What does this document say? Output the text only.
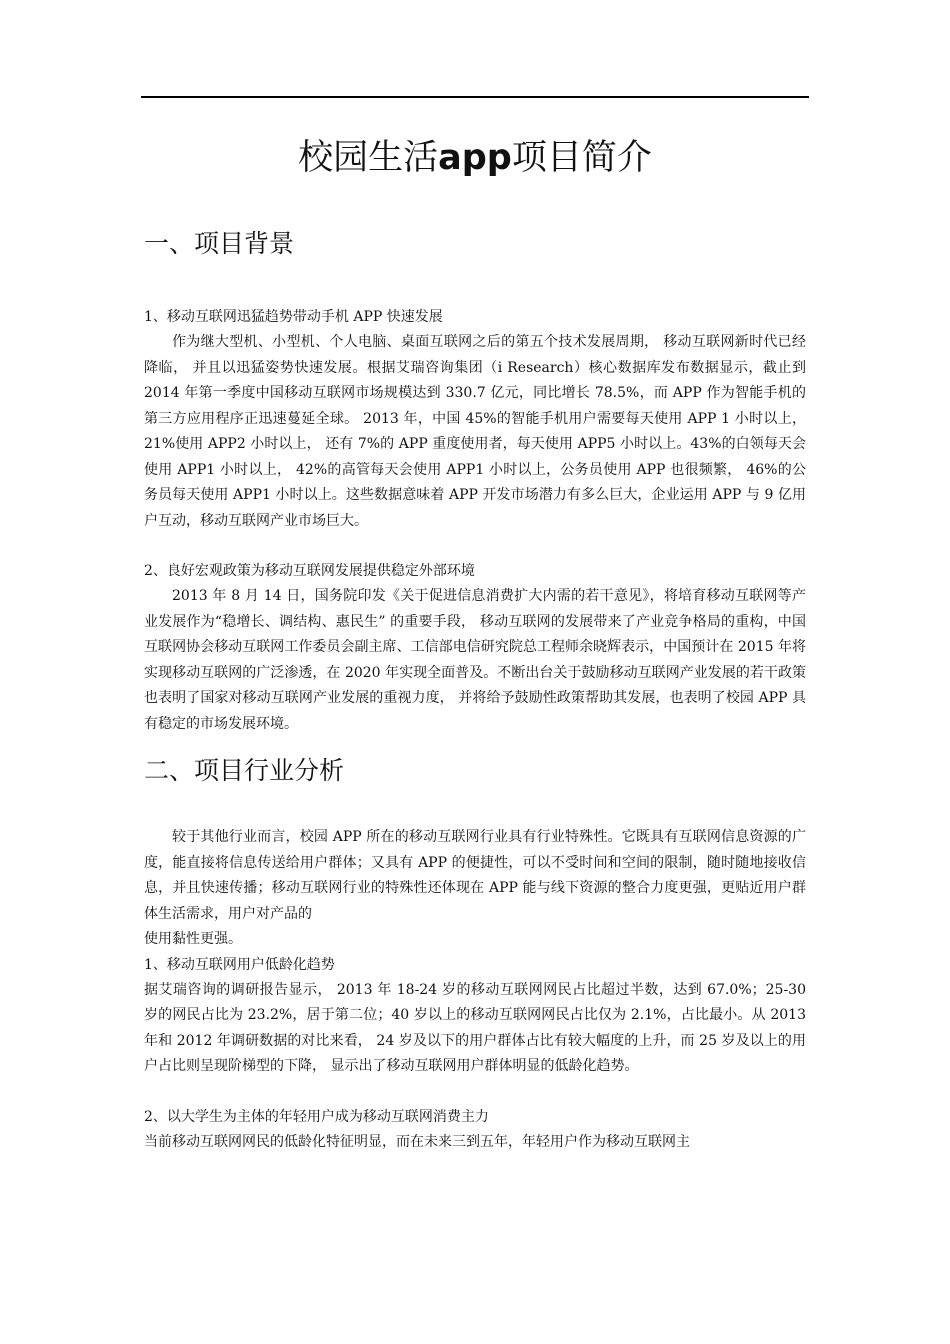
校园生活app项目简介
一、项目背景
1、移动互联网迅猛趋势带动手机 APP 快速发展

作为继大型机、小型机、个人电脑、桌面互联网之后的第五个技术发展周期， 移动互联网新时代已经降临， 并且以迅猛姿势快速发展。根据艾瑞咨询集团（i Research）核心数据库发布数据显示，截止到 2014 年第一季度中国移动互联网市场规模达到 330.7 亿元，同比增长 78.5%，而 APP 作为智能手机的第三方应用程序正迅速蔓延全球。 2013 年，中国 45%的智能手机用户需要每天使用 APP 1 小时以上， 21%使用 APP2 小时以上， 还有 7%的 APP 重度使用者，每天使用 APP5 小时以上。43%的白领每天会使用 APP1 小时以上， 42%的高管每天会使用 APP1 小时以上，公务员使用 APP 也很频繁， 46%的公务员每天使用 APP1 小时以上。这些数据意味着 APP 开发市场潜力有多么巨大，企业运用 APP 与 9 亿用户互动，移动互联网产业市场巨大。

2、良好宏观政策为移动互联网发展提供稳定外部环境

2013 年 8 月 14 日，国务院印发《关于促进信息消费扩大内需的若干意见》，将培育移动互联网等产业发展作为“稳增长、调结构、惠民生” 的重要手段， 移动互联网的发展带来了产业竞争格局的重构，中国互联网协会移动互联网工作委员会副主席、工信部电信研究院总工程师余晓辉表示，中国预计在 2015 年将实现移动互联网的广泛渗透，在 2020 年实现全面普及。不断出台关于鼓励移动互联网产业发展的若干政策也表明了国家对移动互联网产业发展的重视力度， 并将给予鼓励性政策帮助其发展，也表明了校园 APP 具有稳定的市场发展环境。

二、项目行业分析

较于其他行业而言，校园 APP 所在的移动互联网行业具有行业特殊性。它既具有互联网信息资源的广度，能直接将信息传送给用户群体；又具有 APP 的便捷性，可以不受时间和空间的限制，随时随地接收信息，并且快速传播；移动互联网行业的特殊性还体现在 APP 能与线下资源的整合力度更强，更贴近用户群体生活需求，用户对产品的

使用黏性更强。

1、移动互联网用户低龄化趋势

据艾瑞咨询的调研报告显示， 2013 年 18-24 岁的移动互联网网民占比超过半数，达到 67.0%；25-30 岁的网民占比为 23.2%，居于第二位；40 岁以上的移动互联网网民占比仅为 2.1%，占比最小。从 2013 年和 2012 年调研数据的对比来看， 24 岁及以下的用户群体占比有较大幅度的上升，而 25 岁及以上的用户占比则呈现阶梯型的下降， 显示出了移动互联网用户群体明显的低龄化趋势。

2、以大学生为主体的年轻用户成为移动互联网消费主力

当前移动互联网网民的低龄化特征明显，而在未来三到五年，年轻用户作为移动互联网主
